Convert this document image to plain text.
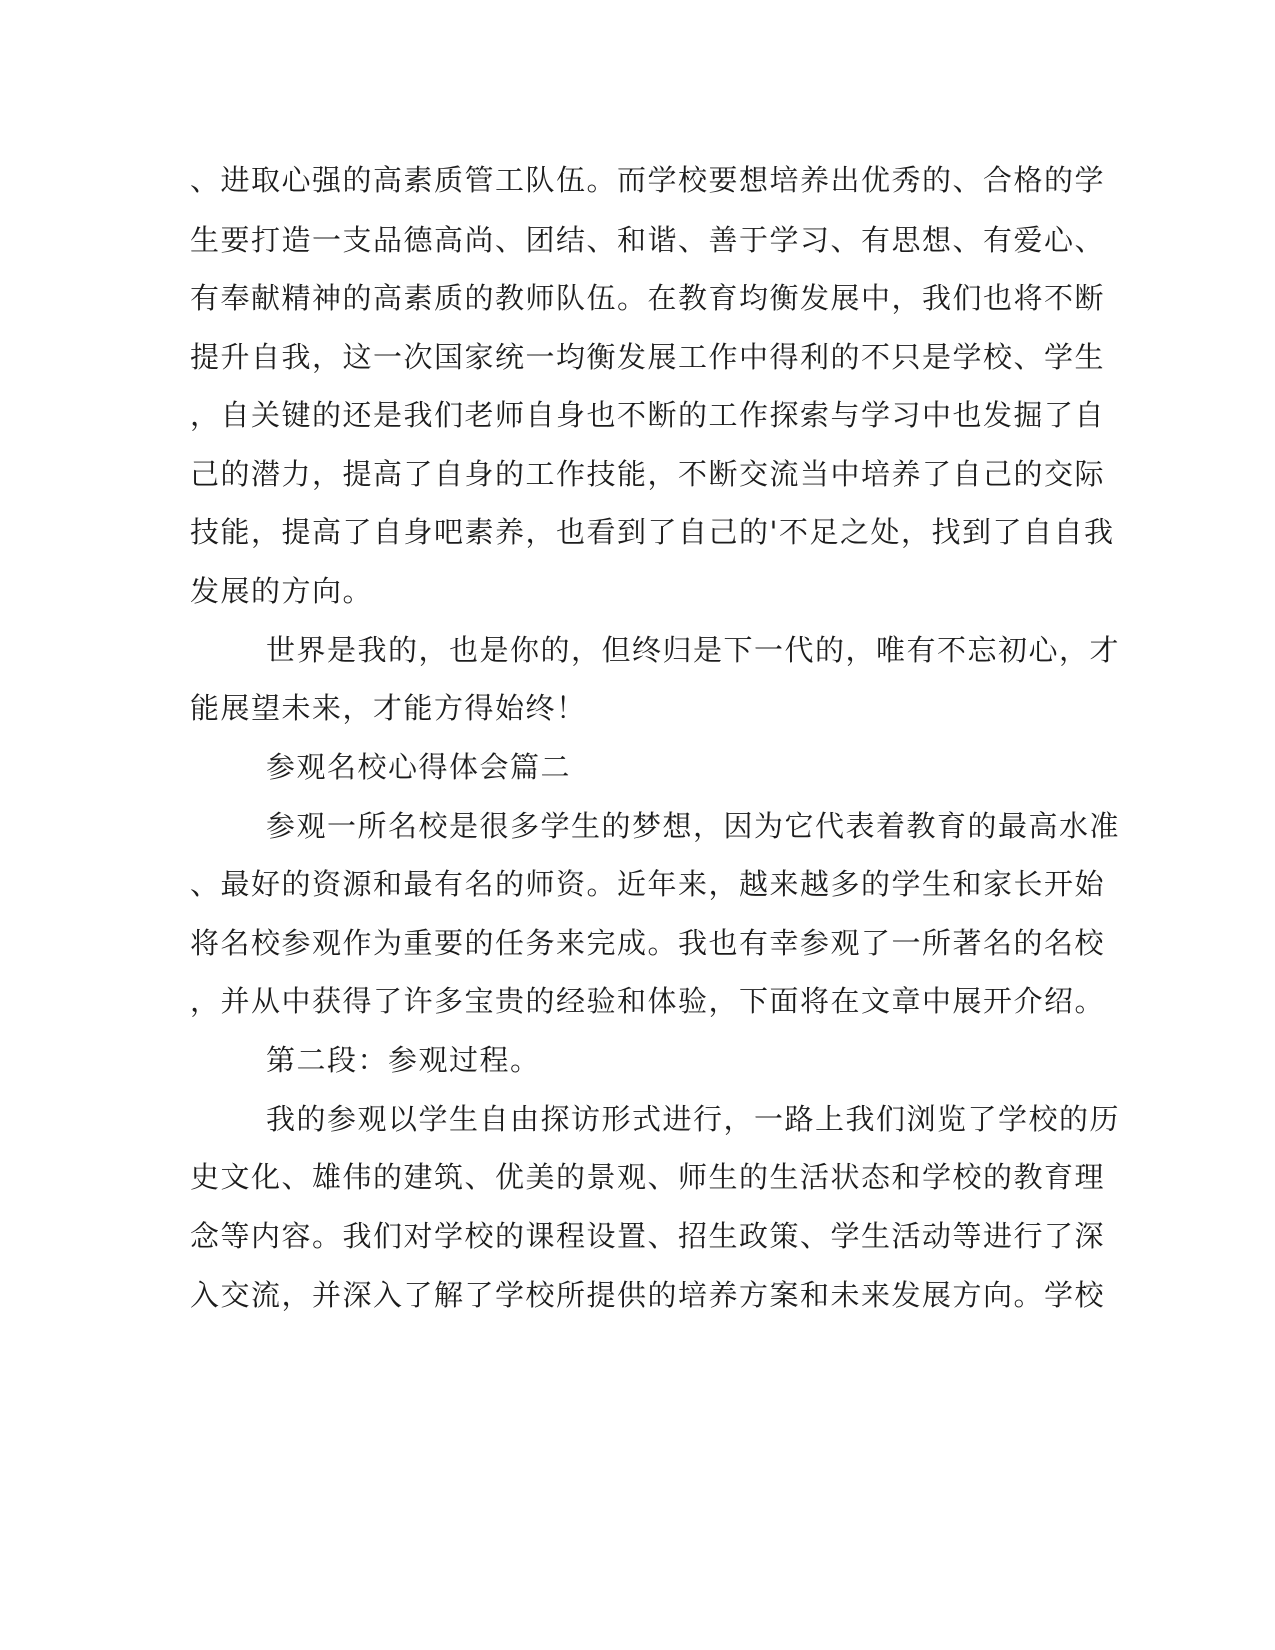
、进取心强的高素质管工队伍。而学校要想培养出优秀的、合格的学

生要打造一支品德高尚、团结、和谐、善于学习、有思想、有爱心、

有奉献精神的高素质的教师队伍。在教育均衡发展中，我们也将不断

提升自我，这一次国家统一均衡发展工作中得利的不只是学校、学生

，自关键的还是我们老师自身也不断的工作探索与学习中也发掘了自

己的潜力，提高了自身的工作技能，不断交流当中培养了自己的交际

技能，提高了自身吧素养，也看到了自己的'不足之处，找到了自自我

发展的方向。

世界是我的，也是你的，但终归是下一代的，唯有不忘初心，才

能展望未来，才能方得始终！

参观名校心得体会篇二

参观一所名校是很多学生的梦想，因为它代表着教育的最高水准

、最好的资源和最有名的师资。近年来，越来越多的学生和家长开始

将名校参观作为重要的任务来完成。我也有幸参观了一所著名的名校

，并从中获得了许多宝贵的经验和体验，下面将在文章中展开介绍。

第二段：参观过程。

我的参观以学生自由探访形式进行，一路上我们浏览了学校的历

史文化、雄伟的建筑、优美的景观、师生的生活状态和学校的教育理

念等内容。我们对学校的课程设置、招生政策、学生活动等进行了深

入交流，并深入了解了学校所提供的培养方案和未来发展方向。学校
